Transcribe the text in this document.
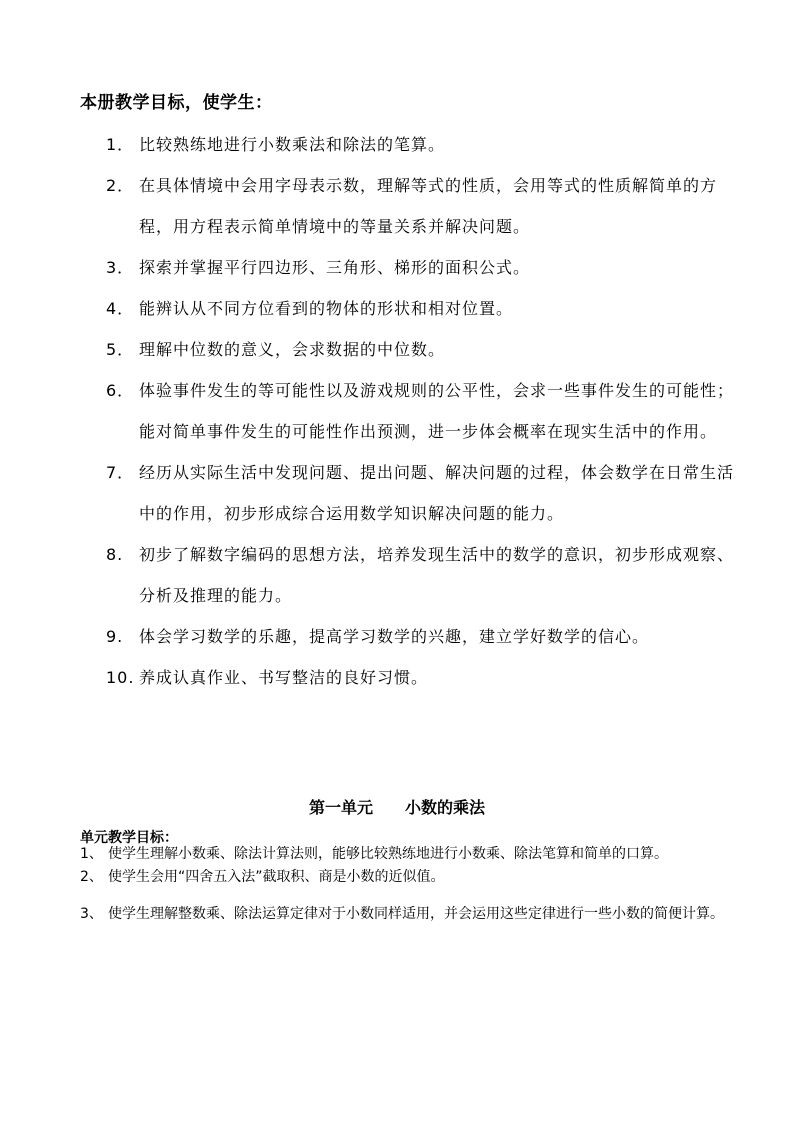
本册教学目标，使学生：
1． 比较熟练地进行小数乘法和除法的笔算。
2． 在具体情境中会用字母表示数，理解等式的性质，会用等式的性质解简单的方程，用方程表示简单情境中的等量关系并解决问题。
3． 探索并掌握平行四边形、三角形、梯形的面积公式。
4． 能辨认从不同方位看到的物体的形状和相对位置。
5． 理解中位数的意义，会求数据的中位数。
6． 体验事件发生的等可能性以及游戏规则的公平性，会求一些事件发生的可能性；能对简单事件发生的可能性作出预测，进一步体会概率在现实生活中的作用。
7． 经历从实际生活中发现问题、提出问题、解决问题的过程，体会数学在日常生活中的作用，初步形成综合运用数学知识解决问题的能力。
8. 初步了解数字编码的思想方法，培养发现生活中的数学的意识，初步形成观察、分析及推理的能力。
9. 体会学习数学的乐趣，提高学习数学的兴趣，建立学好数学的信心。
10. 养成认真作业、书写整洁的良好习惯。
第一单元　　小数的乘法
单元教学目标：
1、 使学生理解小数乘、除法计算法则，能够比较熟练地进行小数乘、除法笔算和简单的口算。
2、 使学生会用“四舍五入法”截取积、商是小数的近似值。
3、 使学生理解整数乘、除法运算定律对于小数同样适用，并会运用这些定律进行一些小数的简便计算。
